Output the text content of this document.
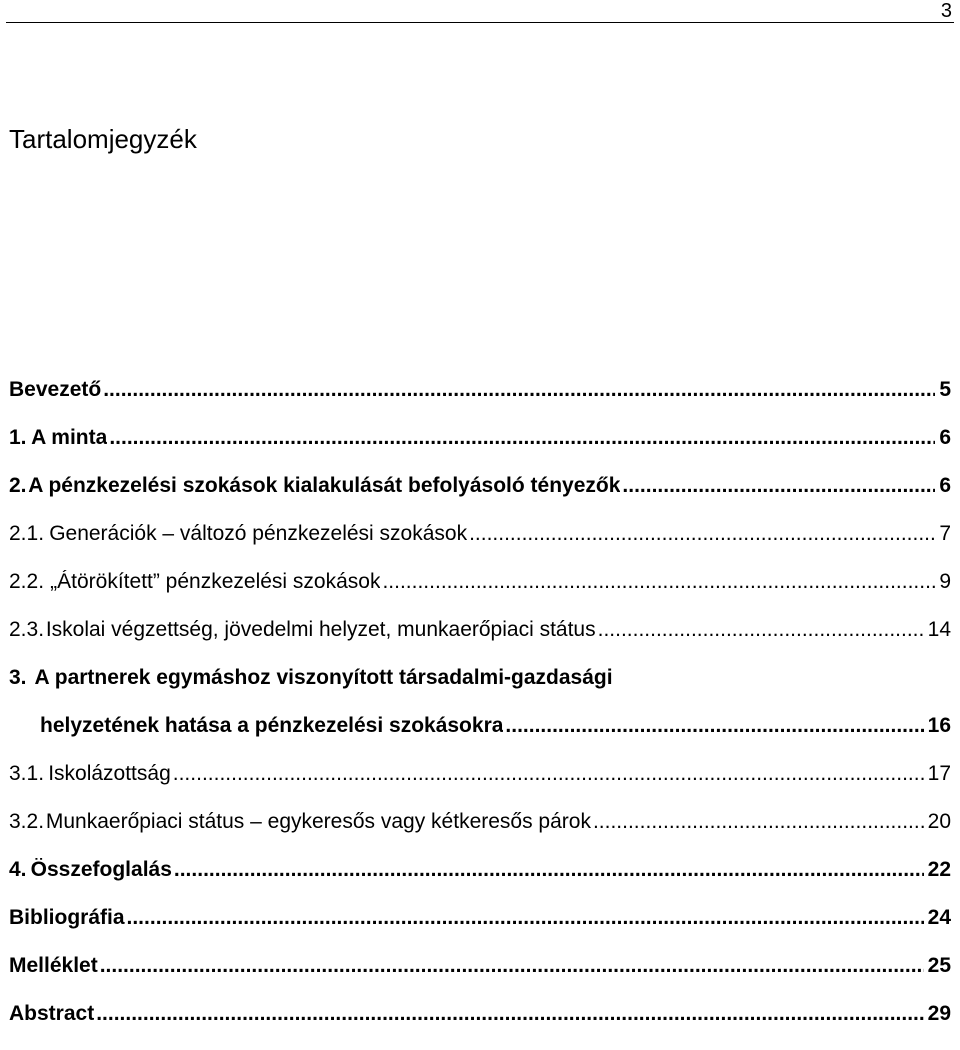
3
Tartalomjegyzék
Bevezető .....	5
1. A minta .....	6
2. A pénzkezelési szokások kialakulását befolyásoló tényezők .....	6
2.1. Generációk – változó pénzkezelési szokások .....	7
2.2. „Átörökített” pénzkezelési szokások .....	9
2.3. Iskolai végzettség, jövedelmi helyzet, munkaerőpiaci státus .....	14
3. A partnerek egymáshoz viszonyított társadalmi-gazdasági
helyzetének hatása a pénzkezelési szokásokra .....	16
3.1. Iskolázottság .....	17
3.2. Munkaerőpiaci státus – egykeresős vagy kétkeresős párok .....	20
4. Összefoglalás .....	22
Bibliográfia .....	24
Melléklet .....	25
Abstract .....	29
